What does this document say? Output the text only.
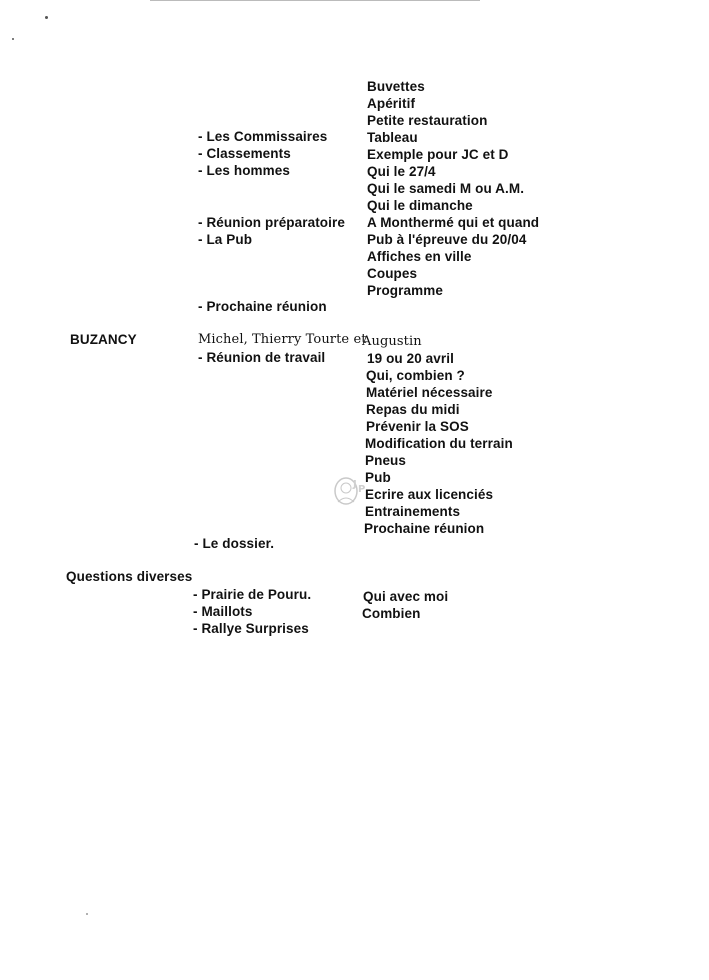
- Les Commissaires
- Classements
- Les hommes
- Réunion préparatoire
- La Pub
- Prochaine réunion
Buvettes
Apéritif
Petite restauration
Tableau
Exemple pour JC et D
Qui le 27/4
Qui le samedi M ou A.M.
Qui le dimanche
A Monthermé qui et quand
Pub à l'épreuve du 20/04
Affiches en ville
Coupes
Programme
BUZANCY	Michel, Thierry Tourte et
Augustin
- Réunion de travail	19 ou 20 avril
Qui, combien ?
Matériel nécessaire
Repas du midi
Prévenir la SOS
Modification du terrain
Pneus
Pub
Ecrire aux licenciés
Entrainements
Prochaine réunion
- Le dossier.
Questions diverses
- Prairie de Pouru.
- Maillots
- Rallye Surprises
Qui avec moi
Combien
J P
